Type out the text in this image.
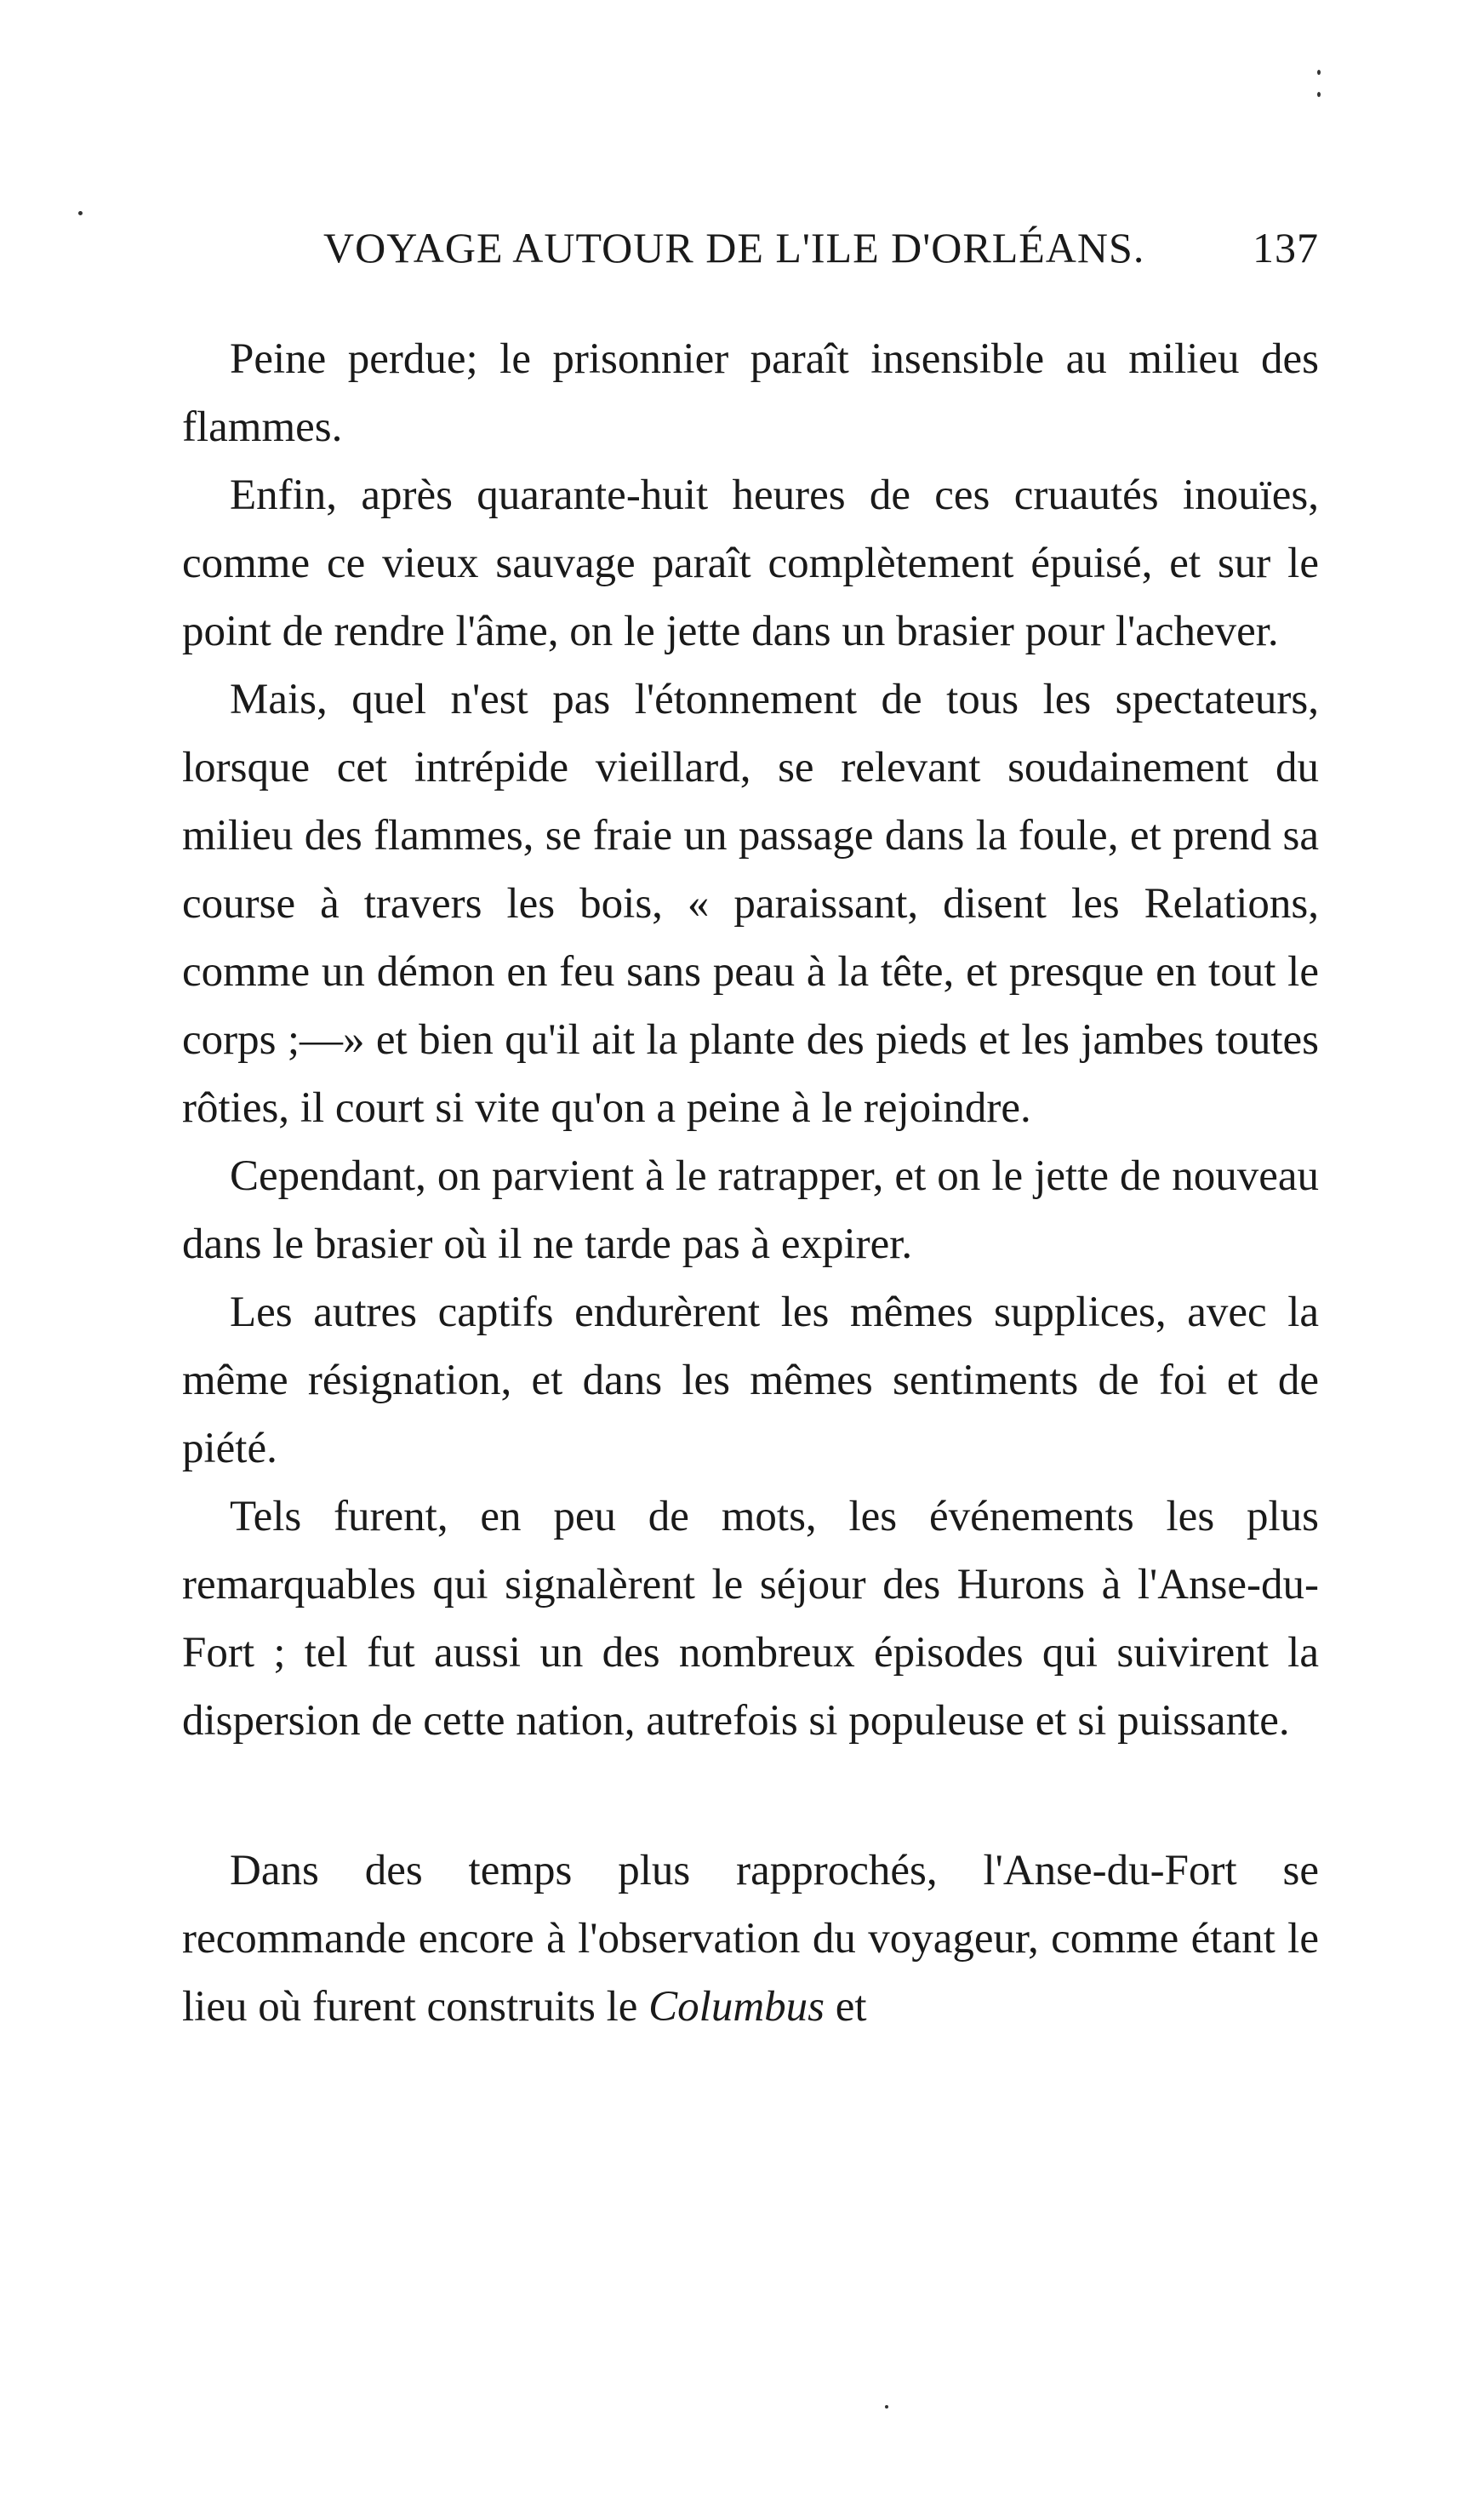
VOYAGE AUTOUR DE L'ILE D'ORLÉANS.	137

Peine perdue; le prisonnier paraît insensible au milieu des flammes.

Enfin, après quarante-huit heures de ces cruautés inouïes, comme ce vieux sauvage paraît complètement épuisé, et sur le point de rendre l'âme, on le jette dans un brasier pour l'achever.

Mais, quel n'est pas l'étonnement de tous les spectateurs, lorsque cet intrépide vieillard, se relevant soudainement du milieu des flammes, se fraie un passage dans la foule, et prend sa course à travers les bois, « paraissant, disent les Relations, comme un démon en feu sans peau à la tête, et presque en tout le corps ;—» et bien qu'il ait la plante des pieds et les jambes toutes rôties, il court si vite qu'on a peine à le rejoindre.

Cependant, on parvient à le ratrapper, et on le jette de nouveau dans le brasier où il ne tarde pas à expirer.

Les autres captifs endurèrent les mêmes supplices, avec la même résignation, et dans les mêmes sentiments de foi et de piété.

Tels furent, en peu de mots, les événements les plus remarquables qui signalèrent le séjour des Hurons à l'Anse-du-Fort ; tel fut aussi un des nombreux épisodes qui suivirent la dispersion de cette nation, autrefois si populeuse et si puissante.

Dans des temps plus rapprochés, l'Anse-du-Fort se recommande encore à l'observation du voyageur, comme étant le lieu où furent construits le Columbus et
